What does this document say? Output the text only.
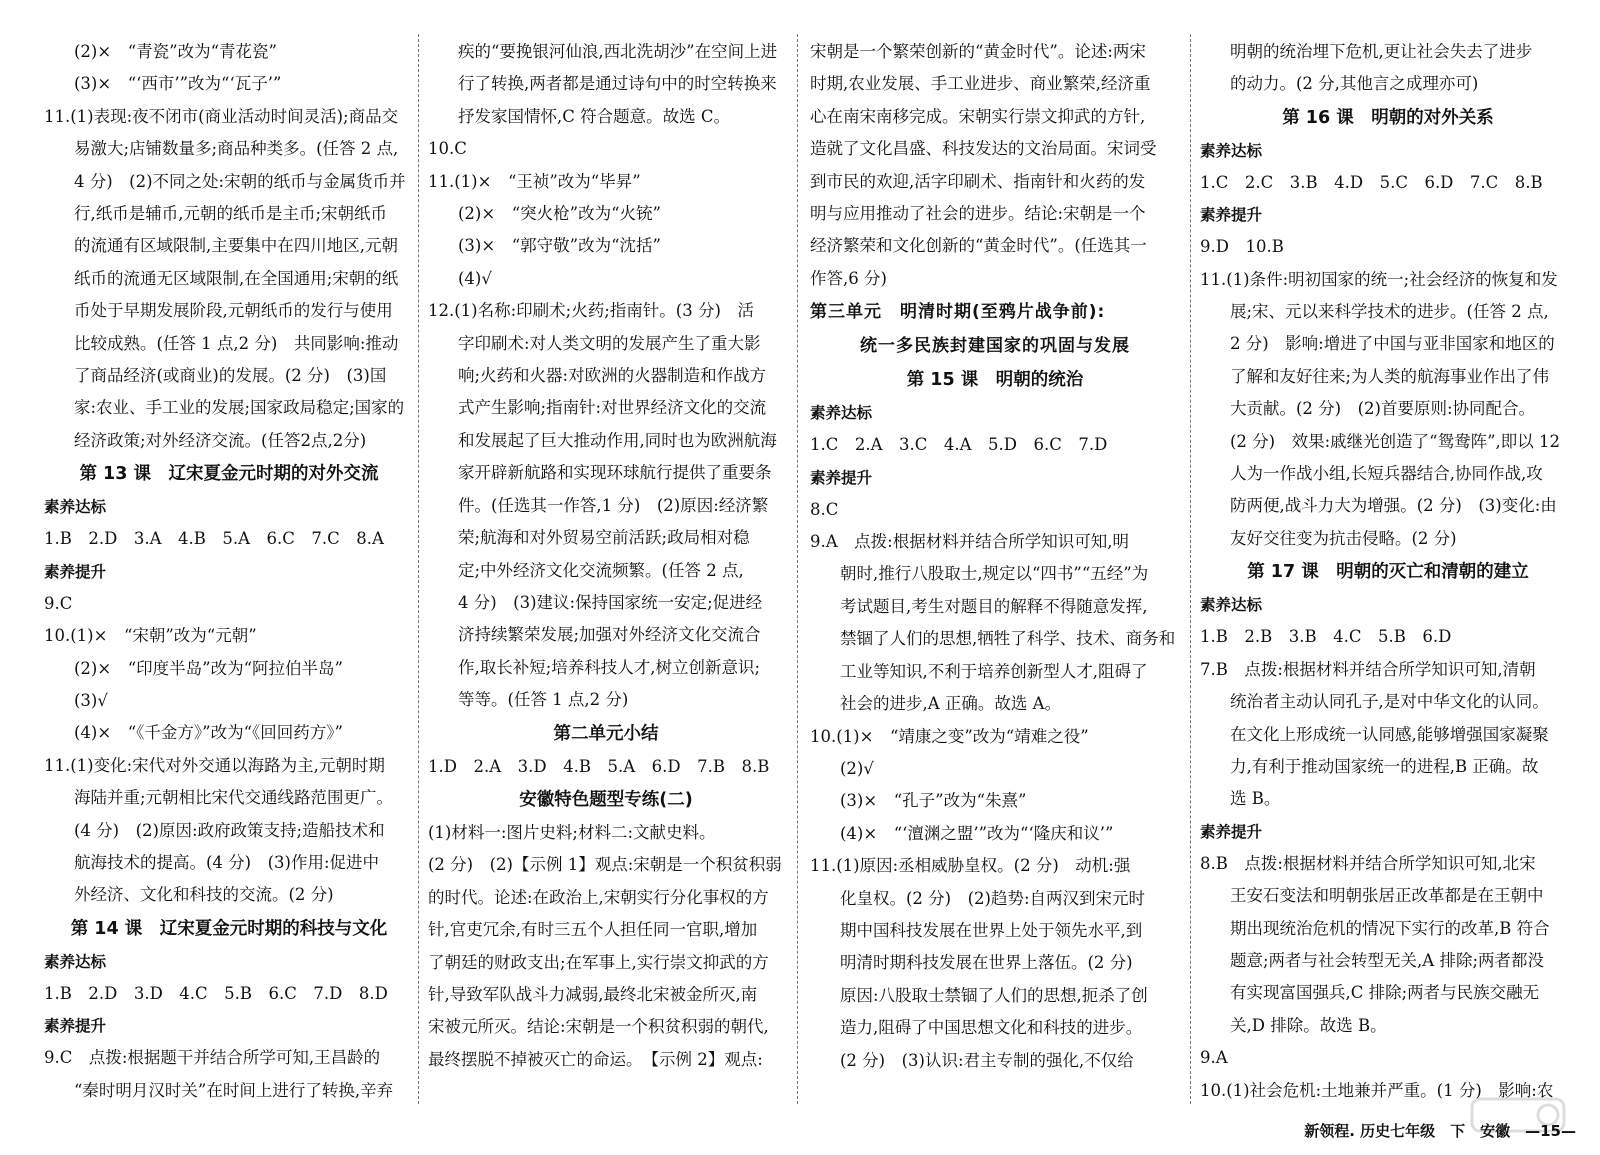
(2)×　“青瓷”改为“青花瓷”
(3)×　“‘西市’”改为“‘瓦子’”
11.(1)表现:夜不闭市(商业活动时间灵活);商品交
易激大;店铺数量多;商品种类多。(任答 2 点,
4 分)　(2)不同之处:宋朝的纸币与金属货币并
行,纸币是辅币,元朝的纸币是主币;宋朝纸币
的流通有区域限制,主要集中在四川地区,元朝
纸币的流通无区域限制,在全国通用;宋朝的纸
币处于早期发展阶段,元朝纸币的发行与使用
比较成熟。(任答 1 点,2 分)　共同影响:推动
了商品经济(或商业)的发展。(2 分)　(3)国
家:农业、手工业的发展;国家政局稳定;国家的
经济政策;对外经济交流。(任答2点,2分)
第 13 课　辽宋夏金元时期的对外交流
素养达标
1.B　2.D　3.A　4.B　5.A　6.C　7.C　8.A
素养提升
9.C
10.(1)×　“宋朝”改为“元朝”
(2)×　“印度半岛”改为“阿拉伯半岛”
(3)√
(4)×　“《千金方》”改为“《回回药方》”
11.(1)变化:宋代对外交通以海路为主,元朝时期
海陆并重;元朝相比宋代交通线路范围更广。
(4 分)　(2)原因:政府政策支持;造船技术和
航海技术的提高。(4 分)　(3)作用:促进中
外经济、文化和科技的交流。(2 分)
第 14 课　辽宋夏金元时期的科技与文化
素养达标
1.B　2.D　3.D　4.C　5.B　6.C　7.D　8.D
素养提升
9.C　点拨:根据题干并结合所学可知,王昌龄的
“秦时明月汉时关”在时间上进行了转换,辛弃
疾的“要挽银河仙浪,西北洗胡沙”在空间上进
行了转换,两者都是通过诗句中的时空转换来
抒发家国情怀,C 符合题意。故选 C。
10.C
11.(1)×　“王祯”改为“毕昇”
(2)×　“突火枪”改为“火铳”
(3)×　“郭守敬”改为“沈括”
(4)√
12.(1)名称:印刷术;火药;指南针。(3 分)　活
字印刷术:对人类文明的发展产生了重大影
响;火药和火器:对欧洲的火器制造和作战方
式产生影响;指南针:对世界经济文化的交流
和发展起了巨大推动作用,同时也为欧洲航海
家开辟新航路和实现环球航行提供了重要条
件。(任选其一作答,1 分)　(2)原因:经济繁
荣;航海和对外贸易空前活跃;政局相对稳
定;中外经济文化交流频繁。(任答 2 点,
4 分)　(3)建议:保持国家统一安定;促进经
济持续繁荣发展;加强对外经济文化交流合
作,取长补短;培养科技人才,树立创新意识;
等等。(任答 1 点,2 分)
第二单元小结
1.D　2.A　3.D　4.B　5.A　6.D　7.B　8.B
安徽特色题型专练(二)
(1)材料一:图片史料;材料二:文献史料。
(2 分)　(2)【示例 1】观点:宋朝是一个积贫积弱
的时代。论述:在政治上,宋朝实行分化事权的方
针,官吏冗余,有时三五个人担任同一官职,增加
了朝廷的财政支出;在军事上,实行崇文抑武的方
针,导致军队战斗力减弱,最终北宋被金所灭,南
宋被元所灭。结论:宋朝是一个积贫积弱的朝代,
最终摆脱不掉被灭亡的命运。　【示例 2】观点:
宋朝是一个繁荣创新的“黄金时代”。论述:两宋
时期,农业发展、手工业进步、商业繁荣,经济重
心在南宋南移完成。宋朝实行崇文抑武的方针,
造就了文化昌盛、科技发达的文治局面。宋词受
到市民的欢迎,活字印刷术、指南针和火药的发
明与应用推动了社会的进步。结论:宋朝是一个
经济繁荣和文化创新的“黄金时代”。(任选其一
作答,6 分)
第三单元　明清时期(至鸦片战争前):
统一多民族封建国家的巩固与发展
第 15 课　明朝的统治
素养达标
1.C　2.A　3.C　4.A　5.D　6.C　7.D
素养提升
8.C
9.A　点拨:根据材料并结合所学知识可知,明
朝时,推行八股取士,规定以“四书”“五经”为
考试题目,考生对题目的解释不得随意发挥,
禁锢了人们的思想,牺牲了科学、技术、商务和
工业等知识,不利于培养创新型人才,阻碍了
社会的进步,A 正确。故选 A。
10.(1)×　“靖康之变”改为“靖难之役”
(2)√
(3)×　“孔子”改为“朱熹”
(4)×　“‘澶渊之盟’”改为“‘隆庆和议’”
11.(1)原因:丞相威胁皇权。(2 分)　动机:强
化皇权。(2 分)　(2)趋势:自两汉到宋元时
期中国科技发展在世界上处于领先水平,到
明清时期科技发展在世界上落伍。(2 分)
原因:八股取士禁锢了人们的思想,扼杀了创
造力,阻碍了中国思想文化和科技的进步。
(2 分)　(3)认识:君主专制的强化,不仅给
明朝的统治埋下危机,更让社会失去了进步
的动力。(2 分,其他言之成理亦可)
第 16 课　明朝的对外关系
素养达标
1.C　2.C　3.B　4.D　5.C　6.D　7.C　8.B
素养提升
9.D　10.B
11.(1)条件:明初国家的统一;社会经济的恢复和发
展;宋、元以来科学技术的进步。(任答 2 点,
2 分)　影响:增进了中国与亚非国家和地区的
了解和友好往来;为人类的航海事业作出了伟
大贡献。(2 分)　(2)首要原则:协同配合。
(2 分)　效果:戚继光创造了“鸳鸯阵”,即以 12
人为一作战小组,长短兵器结合,协同作战,攻
防两便,战斗力大为增强。(2 分)　(3)变化:由
友好交往变为抗击侵略。(2 分)
第 17 课　明朝的灭亡和清朝的建立
素养达标
1.B　2.B　3.B　4.C　5.B　6.D
7.B　点拨:根据材料并结合所学知识可知,清朝
统治者主动认同孔子,是对中华文化的认同。
在文化上形成统一认同感,能够增强国家凝聚
力,有利于推动国家统一的进程,B 正确。故
选 B。
素养提升
8.B　点拨:根据材料并结合所学知识可知,北宋
王安石变法和明朝张居正改革都是在王朝中
期出现统治危机的情况下实行的改革,B 符合
题意;两者与社会转型无关,A 排除;两者都没
有实现富国强兵,C 排除;两者与民族交融无
关,D 排除。故选 B。
9.A
10.(1)社会危机:土地兼并严重。(1 分)　影响:农
新领程. 历史七年级　下　安徽　—15—
